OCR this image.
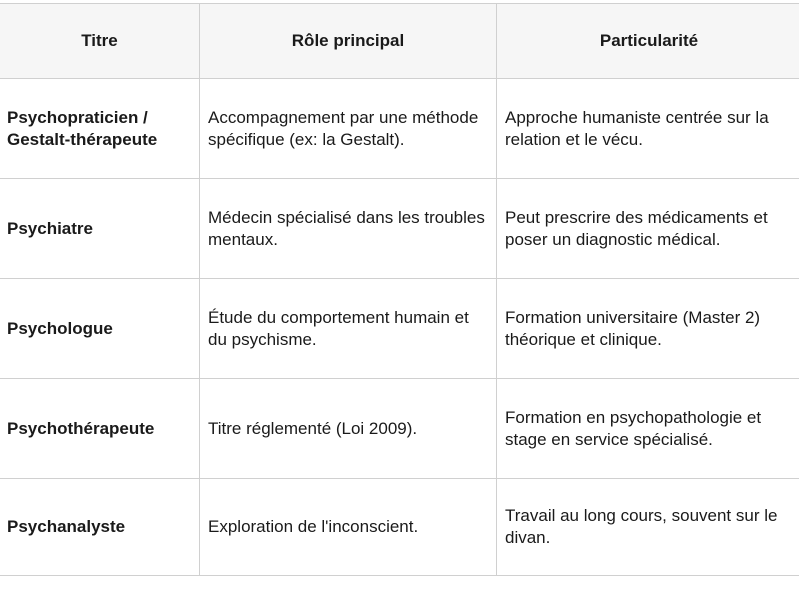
Titre	Rôle principal	Particularité
Psychopraticien / Gestalt-thérapeute	Accompagnement par une méthode spécifique (ex: la Gestalt).	Approche humaniste centrée sur la relation et le vécu.
Psychiatre	Médecin spécialisé dans les troubles mentaux.	Peut prescrire des médicaments et poser un diagnostic médical.
Psychologue	Étude du comportement humain et du psychisme.	Formation universitaire (Master 2) théorique et clinique.
Psychothérapeute	Titre réglementé (Loi 2009).	Formation en psychopathologie et stage en service spécialisé.
Psychanalyste	Exploration de l'inconscient.	Travail au long cours, souvent sur le divan.
